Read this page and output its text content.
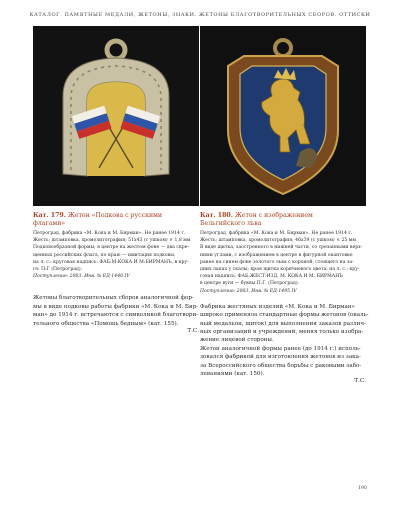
КАТАЛОГ. ПАМЯТНЫЕ МЕДАЛИ, ЖЕТОНЫ, ЗНАКИ. ЖЕТОНЫ БЛАГОТВОРИТЕЛЬНЫХ СБОРОВ. ОТТИСКИ
Кат. 179. Жетон «Подкова с русскими
флагами»
Петроград, фабрика «М. Кока и М. Бирман». Не ранее 1914 г.
Жесть; штамповка, хромолитография; 51x43 (с ушком) × 1,8 мм
Подковообразной формы; в центре на желтом фоне — два скре-
щенных российских флага, по краю — имитация подковы,
на л. с.: круговая надпись: ФАБ:М:КОКА И М:БИРМАНЪ, в кру-
ге: П:Г (Петроград).
Поступление: 2003. Инв. № ЕД-1440 IV
Жетоны благотворительных сборов аналогичной фор-
мы в виде подковы работы фабрики «М. Кока и М. Бир-
ман» до 1914 г. встречаются с символикой благотвори-
тельного общества «Помощь бедным» (кат. 155).
Т.С.
Кат. 180. Жетон с изображением
Бельгийского льва
Петроград, фабрика «М. Кока и М. Бирман». Не ранее 1914 г.
Жесть; штамповка, хромолитография; 46x39 (с ушком) × 25 мм
В виде щитка, заостренного в нижней части, со срезанными верх-
ними углами, с изображением в центре в фигурной окантовке
ранее на синем фоне золотого льва с короной, стоящего на за-
дних лапах у скалы; края щитка коричневого цвета; на л. с.: кру-
говая надпись: ФАБ:ЖЕСТ:ИЗД. М. КОКА И М. БИРМАНЪ
в центре вуги — буквы П.Г. (Петроград).
Поступление: 2003. Инв. № ЕД-1495 IV
Фабрика жестяных изделий «М. Кока и М. Бирман»
широко применяла стандартные формы жетонов (оваль-
ный медальон, щиток) для выполнения заказов различ-
ных организаций и учреждений, меняя только изобра-
жение лицевой стороны.
Жетон аналогичной формы ранее (до 1914 г.) исполь-
зовался фабрикой для изготовления жетонов из зака-
за Всероссийского общества борьбы с раковыми забо-
леваниями (кат. 150).
Т.С.
190
